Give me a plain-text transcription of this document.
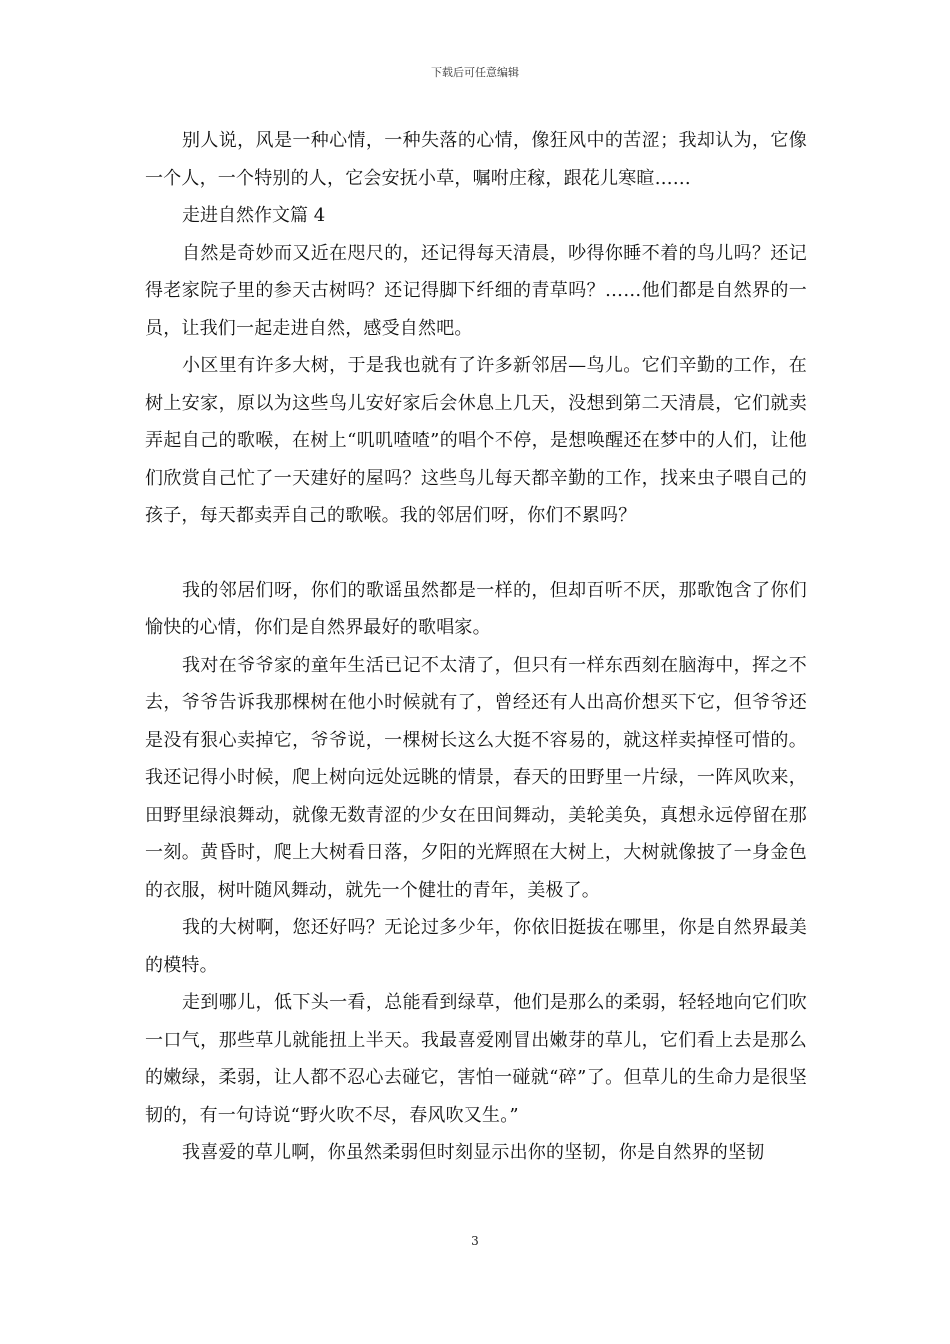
下载后可任意编辑

别人说，风是一种心情，一种失落的心情，像狂风中的苦涩；我却认为，它像一个人，一个特别的人，它会安抚小草，嘱咐庄稼，跟花儿寒暄……

走进自然作文篇 4

自然是奇妙而又近在咫尺的，还记得每天清晨，吵得你睡不着的鸟儿吗？还记得老家院子里的参天古树吗？还记得脚下纤细的青草吗？……他们都是自然界的一员，让我们一起走进自然，感受自然吧。

小区里有许多大树，于是我也就有了许多新邻居—鸟儿。它们辛勤的工作，在树上安家，原以为这些鸟儿安好家后会休息上几天，没想到第二天清晨，它们就卖弄起自己的歌喉，在树上“叽叽喳喳”的唱个不停，是想唤醒还在梦中的人们，让他们欣赏自己忙了一天建好的屋吗？这些鸟儿每天都辛勤的工作，找来虫子喂自己的孩子，每天都卖弄自己的歌喉。我的邻居们呀，你们不累吗？

我的邻居们呀，你们的歌谣虽然都是一样的，但却百听不厌，那歌饱含了你们愉快的心情，你们是自然界最好的歌唱家。

我对在爷爷家的童年生活已记不太清了，但只有一样东西刻在脑海中，挥之不去，爷爷告诉我那棵树在他小时候就有了，曾经还有人出高价想买下它，但爷爷还是没有狠心卖掉它，爷爷说，一棵树长这么大挺不容易的，就这样卖掉怪可惜的。我还记得小时候，爬上树向远处远眺的情景，春天的田野里一片绿，一阵风吹来，田野里绿浪舞动，就像无数青涩的少女在田间舞动，美轮美奂，真想永远停留在那一刻。黄昏时，爬上大树看日落，夕阳的光辉照在大树上，大树就像披了一身金色的衣服，树叶随风舞动，就先一个健壮的青年，美极了。

我的大树啊，您还好吗？无论过多少年，你依旧挺拔在哪里，你是自然界最美的模特。

走到哪儿，低下头一看，总能看到绿草，他们是那么的柔弱，轻轻地向它们吹一口气，那些草儿就能扭上半天。我最喜爱刚冒出嫩芽的草儿，它们看上去是那么的嫩绿，柔弱，让人都不忍心去碰它，害怕一碰就“碎”了。但草儿的生命力是很坚韧的，有一句诗说“野火吹不尽，春风吹又生。”

我喜爱的草儿啊，你虽然柔弱但时刻显示出你的坚韧，你是自然界的坚韧

3
